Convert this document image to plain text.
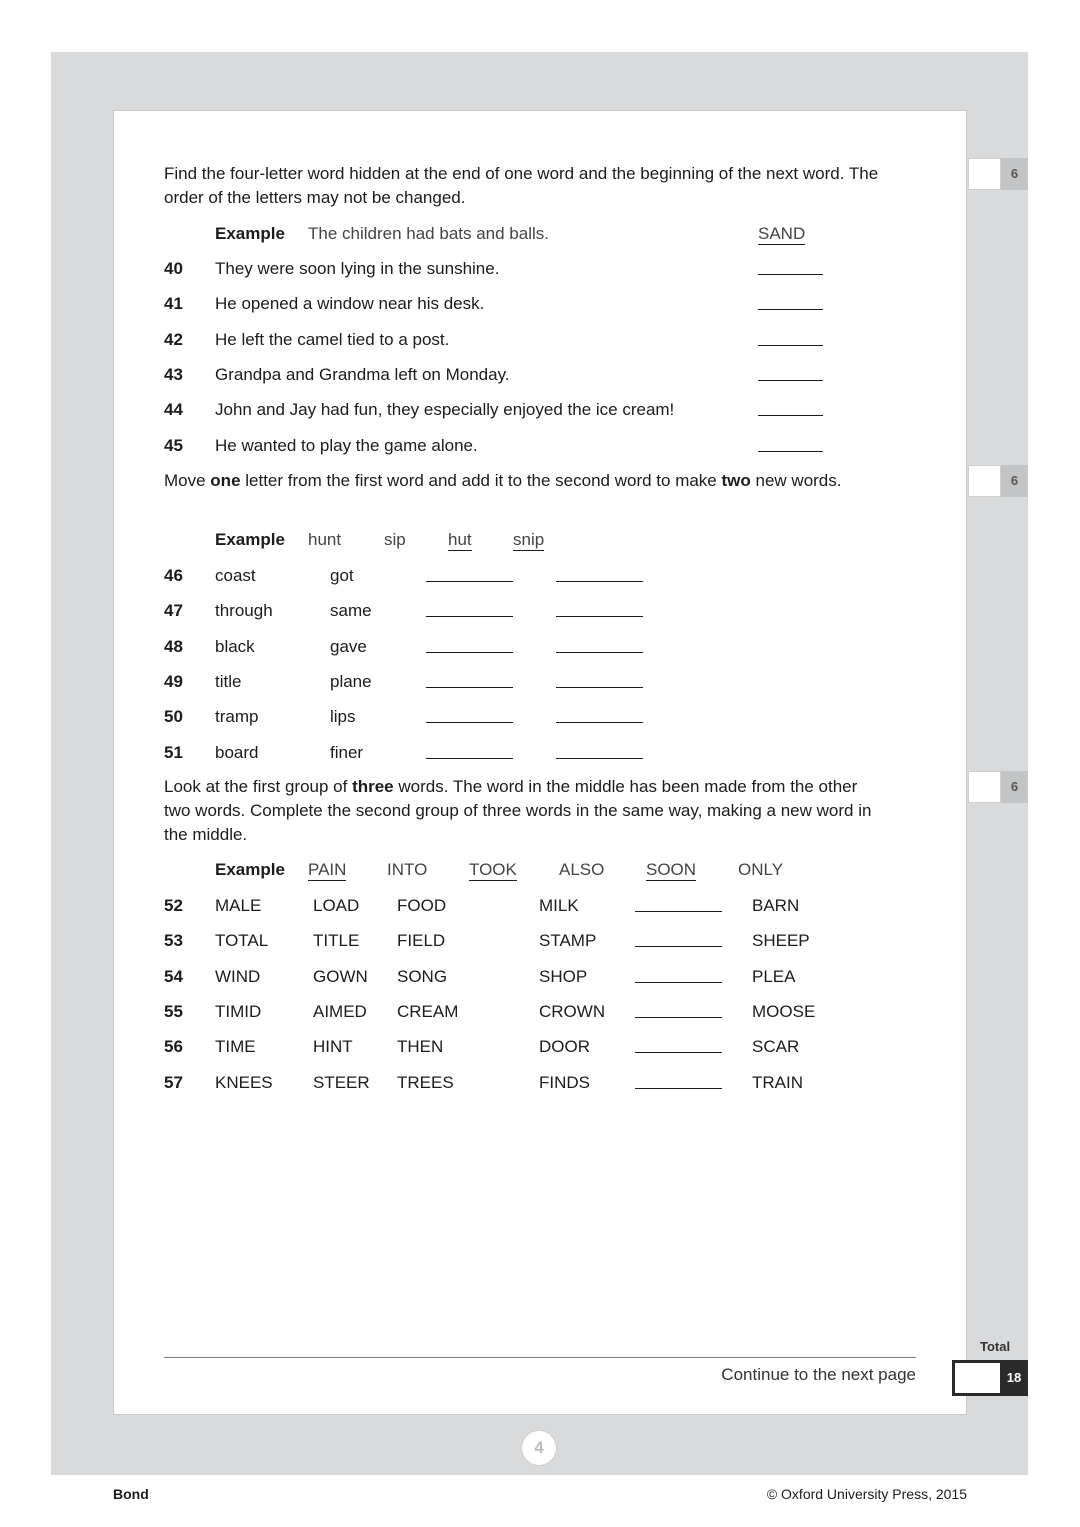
Find the four-letter word hidden at the end of one word and the beginning of the next word. The order of the letters may not be changed.
Example The children had bats and balls.	SAND
40 They were soon lying in the sunshine.
41 He opened a window near his desk.
42 He left the camel tied to a post.
43 Grandpa and Grandma left on Monday.
44 John and Jay had fun, they especially enjoyed the ice cream!
45 He wanted to play the game alone.
6
Move one letter from the first word and add it to the second word to make two new words.
Example hunt	sip hut snip
46 coast	got
47 through	same
48 black	gave
49 title	plane
50 tramp	lips
51 board	finer
6
Look at the first group of three words. The word in the middle has been made from the other two words. Complete the second group of three words in the same way, making a new word in the middle.
Example PAIN INTO TOOK ALSO SOON ONLY
52 MALE	LOAD FOOD	MILK	BARN
53 TOTAL	TITLE FIELD	STAMP	SHEEP
54 WIND	GOWN SONG	SHOP	PLEA
55 TIMID	AIMED CREAM	CROWN	MOOSE
56 TIME	HINT	THEN	DOOR	SCAR
57 KNEES STEER TREES	FINDS	TRAIN
6
Total
18
Continue to the next page
4
Bond	© Oxford University Press, 2015
